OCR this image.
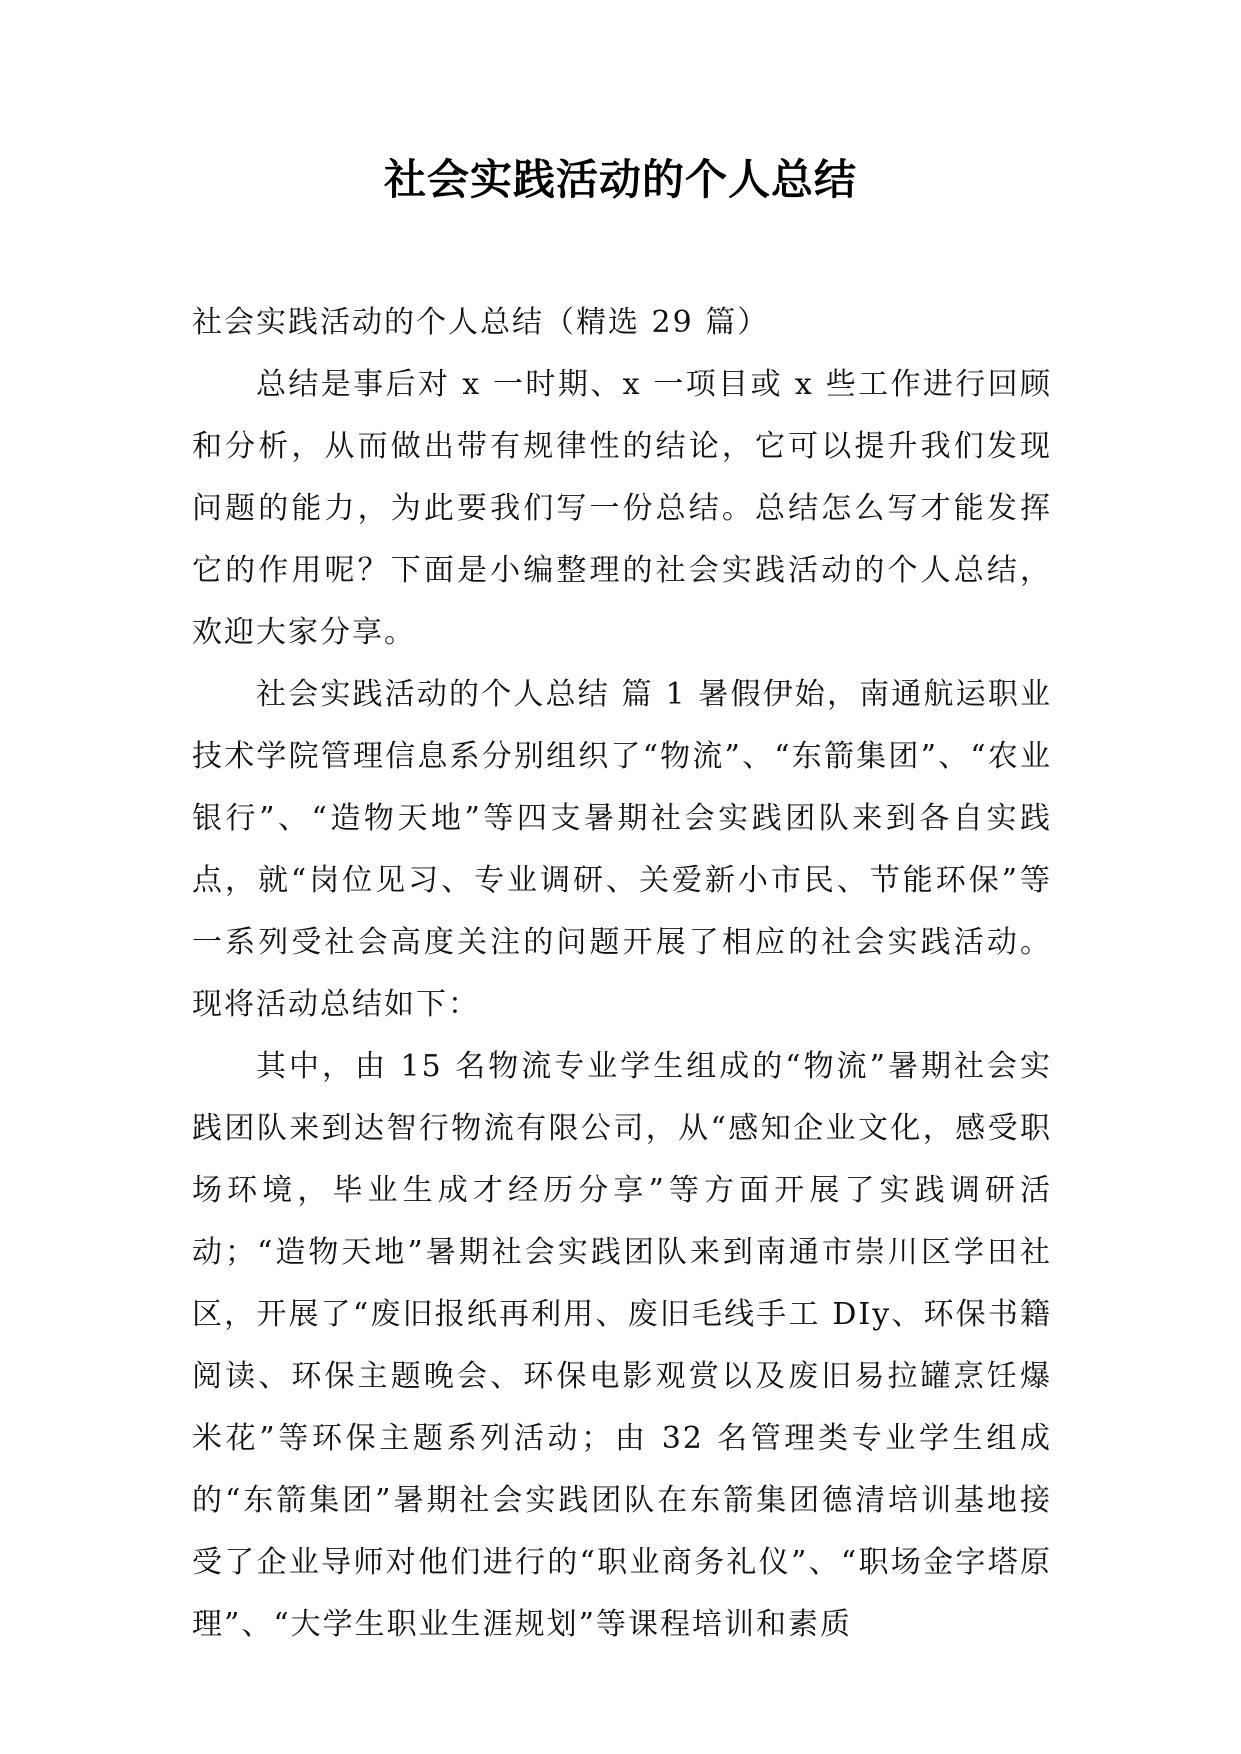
社会实践活动的个人总结

社会实践活动的个人总结（精选 29 篇）

总结是事后对 x 一时期、x 一项目或 x 些工作进行回顾和分析，从而做出带有规律性的结论，它可以提升我们发现问题的能力，为此要我们写一份总结。总结怎么写才能发挥它的作用呢？下面是小编整理的社会实践活动的个人总结，欢迎大家分享。

社会实践活动的个人总结 篇 1 暑假伊始，南通航运职业技术学院管理信息系分别组织了“物流”、“东箭集团”、“农业银行”、“造物天地”等四支暑期社会实践团队来到各自实践点，就“岗位见习、专业调研、关爱新小市民、节能环保”等一系列受社会高度关注的问题开展了相应的社会实践活动。现将活动总结如下：

其中，由 15 名物流专业学生组成的“物流”暑期社会实践团队来到达智行物流有限公司，从“感知企业文化，感受职场环境，毕业生成才经历分享”等方面开展了实践调研活动；“造物天地”暑期社会实践团队来到南通市崇川区学田社区，开展了“废旧报纸再利用、废旧毛线手工 DIy、环保书籍阅读、环保主题晚会、环保电影观赏以及废旧易拉罐烹饪爆米花”等环保主题系列活动；由 32 名管理类专业学生组成的“东箭集团”暑期社会实践团队在东箭集团德清培训基地接受了企业导师对他们进行的“职业商务礼仪”、“职场金字塔原理”、“大学生职业生涯规划”等课程培训和素质
